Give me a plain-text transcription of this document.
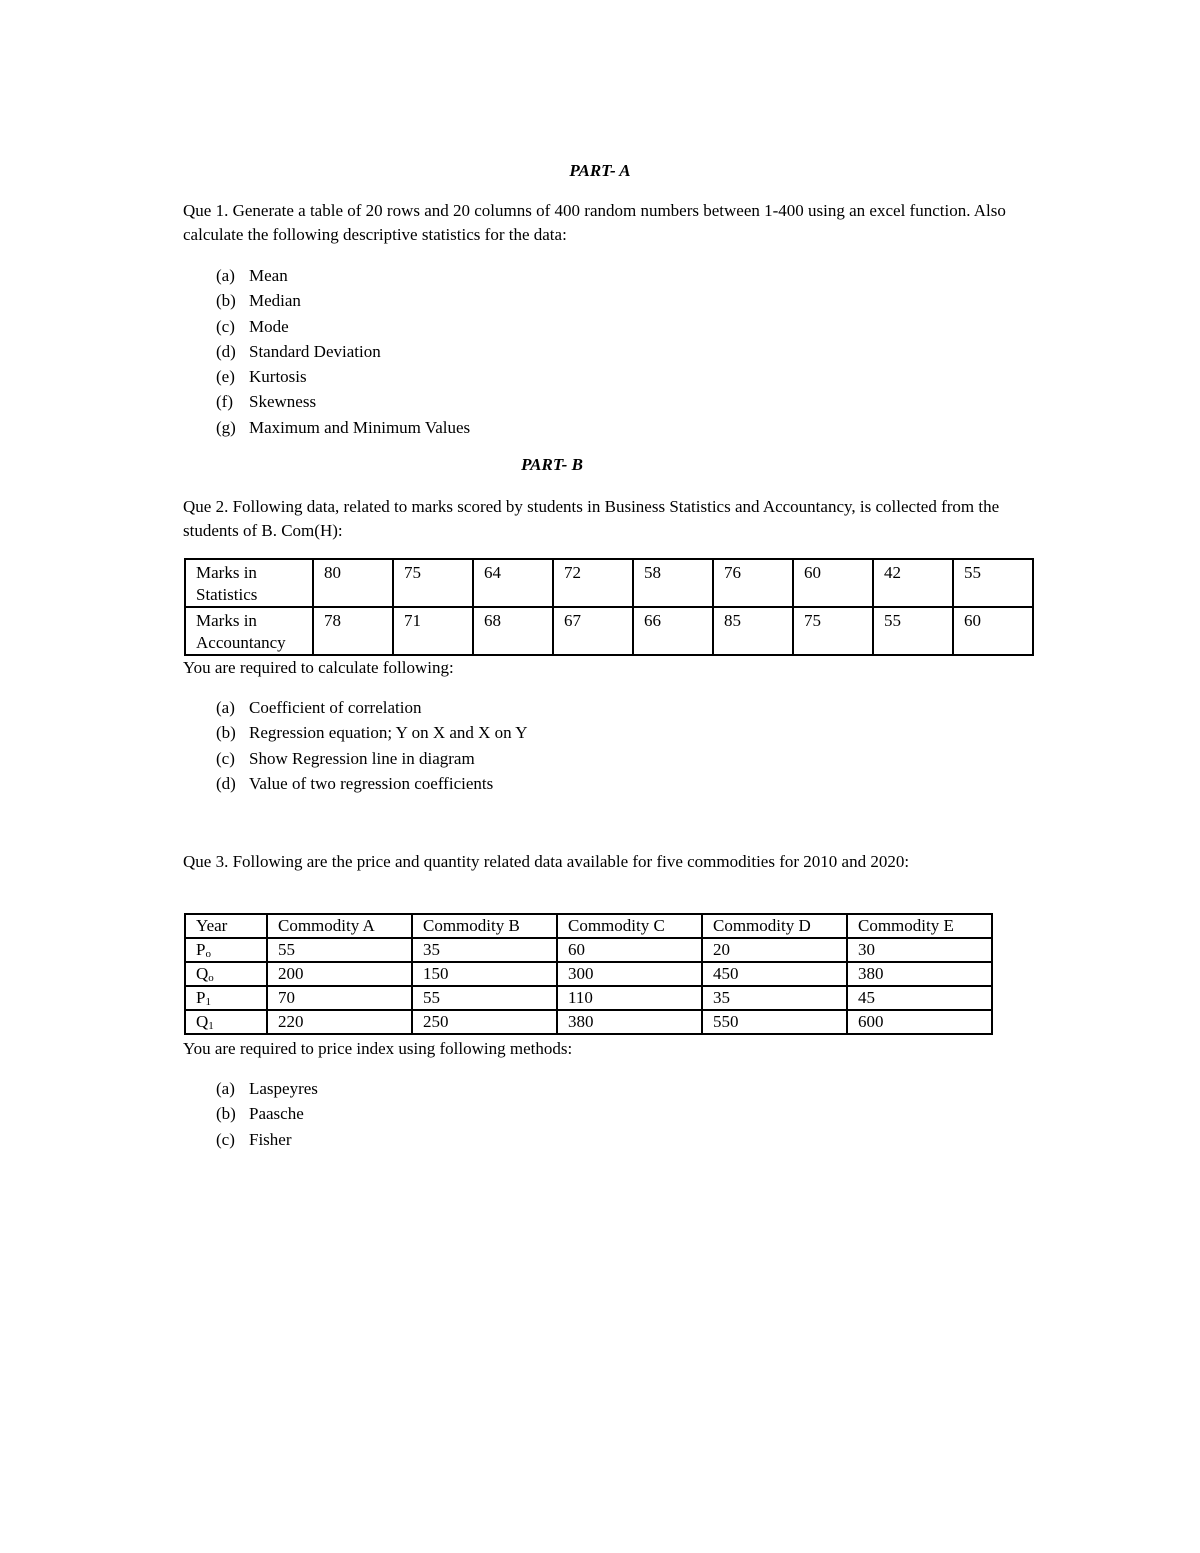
PART- A

Que 1. Generate a table of 20 rows and 20 columns of 400 random numbers between 1-400 using an excel function. Also calculate the following descriptive statistics for the data:

(a) Mean
(b) Median
(c) Mode
(d) Standard Deviation
(e) Kurtosis
(f) Skewness
(g) Maximum and Minimum Values
PART- B

Que 2. Following data, related to marks scored by students in Business Statistics and Accountancy, is collected from the students of B. Com(H):

Marks in Statistics	80	75	64	72	58	76	60	42	55
Marks in Accountancy	78	71	68	67	66	85	75	55	60

You are required to calculate following:

(a) Coefficient of correlation
(b) Regression equation; Y on X and X on Y
(c) Show Regression line in diagram
(d) Value of two regression coefficients

Que 3. Following are the price and quantity related data available for five commodities for 2010 and 2020:

Year	Commodity A	Commodity B	Commodity C	Commodity D	Commodity E
$P_o$	55	35	60	20	30
$Q_o$	200	150	300	450	380
$P_1$	70	55	110	35	45
$Q_1$	220	250	380	550	600

You are required to price index using following methods:

(a) Laspeyres
(b) Paasche
(c) Fisher
